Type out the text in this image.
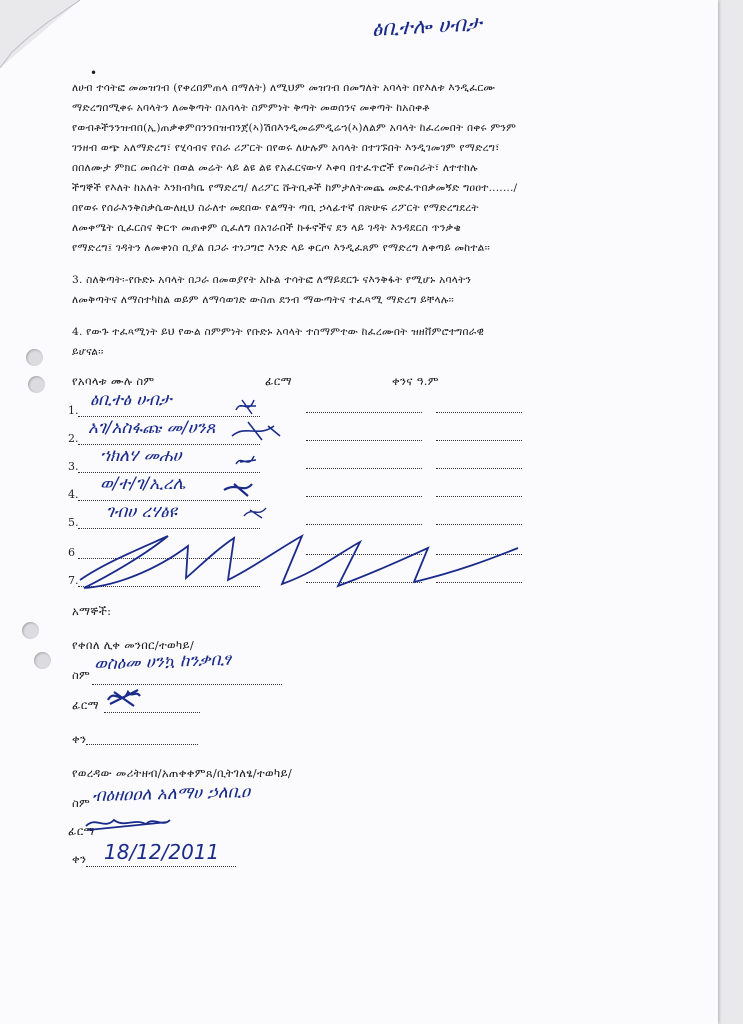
ፅቢተሎ ሀብታ
•
ለሀብ ተሳትፎ መመዝገብ (የቀረበምጠላ በማለት) ለሚህም መዝገብ በመግለት አባላት በየእለቱ እንዲፈርሙ
ማድረግበሚቀሩ አባላትን ለመቅጣት በአባላት ስምምነት ቅጣት መወሰንና መቀጣት ከአስቀቶ
የወብቶችንንዝብበ(ኢ)ጠቃቀምበንንበዝብንጀ(ኣ)ሽበእንዲመሬምዲሬኀ(ኣ)ለልም አባላት ከፈረመበት በቀሩ ምንም
ገንዘብ ወጭ አለማድረግ፣ የሂሳብና የስራ ሪፖርት በየወሩ ለሁሉም አባላት በተገኙበት እንዲገመገም የማድረግ፣
በበለሙታ ምክር መሰረት በወል መሬት ላይ ልዩ ልዩ የአፈርናውሃ እቀባ በተፈጥሮች የመስራት፣ ለተተከሉ
ችግኞች የእለት ከአለት እንክብካቤ የማድረግ/ ለሪፖር ሹትቢቶች ከምታለትመጨ መድፈጥበቃመኝድ ግዐዐተ......./
በየወሩ የሰራእንቅስቃሴውለዚህ ስራለተ መደበው የልማት ጣቢ ኃላፊተኛ በጽሁፍ ሪፖርት የማድረግደረት
ለመቀሜት ሲፈርስና ቅርጥ መጠቀም ሲፈለግ በአገራበች ኩፉኖችና ደን ላይ ገዳት እንዳደርስ ጥንቃቄ
የማድረግ፤ ገዳትን ለመቀነስ ቢያል በጋራ ተነጋግሮ እንድ ላይ ቀርጦ እንዲፈጸም የማድረግ ለቀጣይ መከተል፡፡
3. ስለቅጣት፡-የቡድኑ አባላት በጋራ በመወያየት አኩል ተሳትፎ ለማይደርጉ ናእንቅፋት የሚሆኑ አባላትን
ለመቅጣትና ለማስተካከል ወይም ለማሳወገድ ውስጠ ደንብ ማውጣትና ተፈጻሚ ማድረግ ይቸላሉ፡፡
4. የውጉ ተፈጻሚነት ይህ የውል ስምምነት የቡድኑ አባላት ተስማምተው ከፈረሙበት ዝዘቨምሮተግበራዊ
ይሆናል፡፡
የአባላቱ ሙሉ ስም	ፊርማ	ቀንና ዓ.ም
1.
2.
3.
4.
5.
6
7.
ፅቢተፅ ሀብታ
አገ/አስፋጩ መ/ሀንጸ
ኀክለሃ መሐሀ
ወ/ተ/ገ/ኢረሌ
ገብሀ ረሃፅዩ
አማኞች:
የቀበለ ሊቀ መንበር/ተወካይ/
ስም
ወስዕመ ሀንኳ ከንቃቢፃ
ፊርማ
ቀን
የወረዳው መሪትዘብ/አጠቀቀምጸ/ቢትገለፄ/ተወካይ/
ስም ብዕዘዐዐለ አለማሀ ኃለቢዐ
ፊርማ
ቀን 18/12/2011
